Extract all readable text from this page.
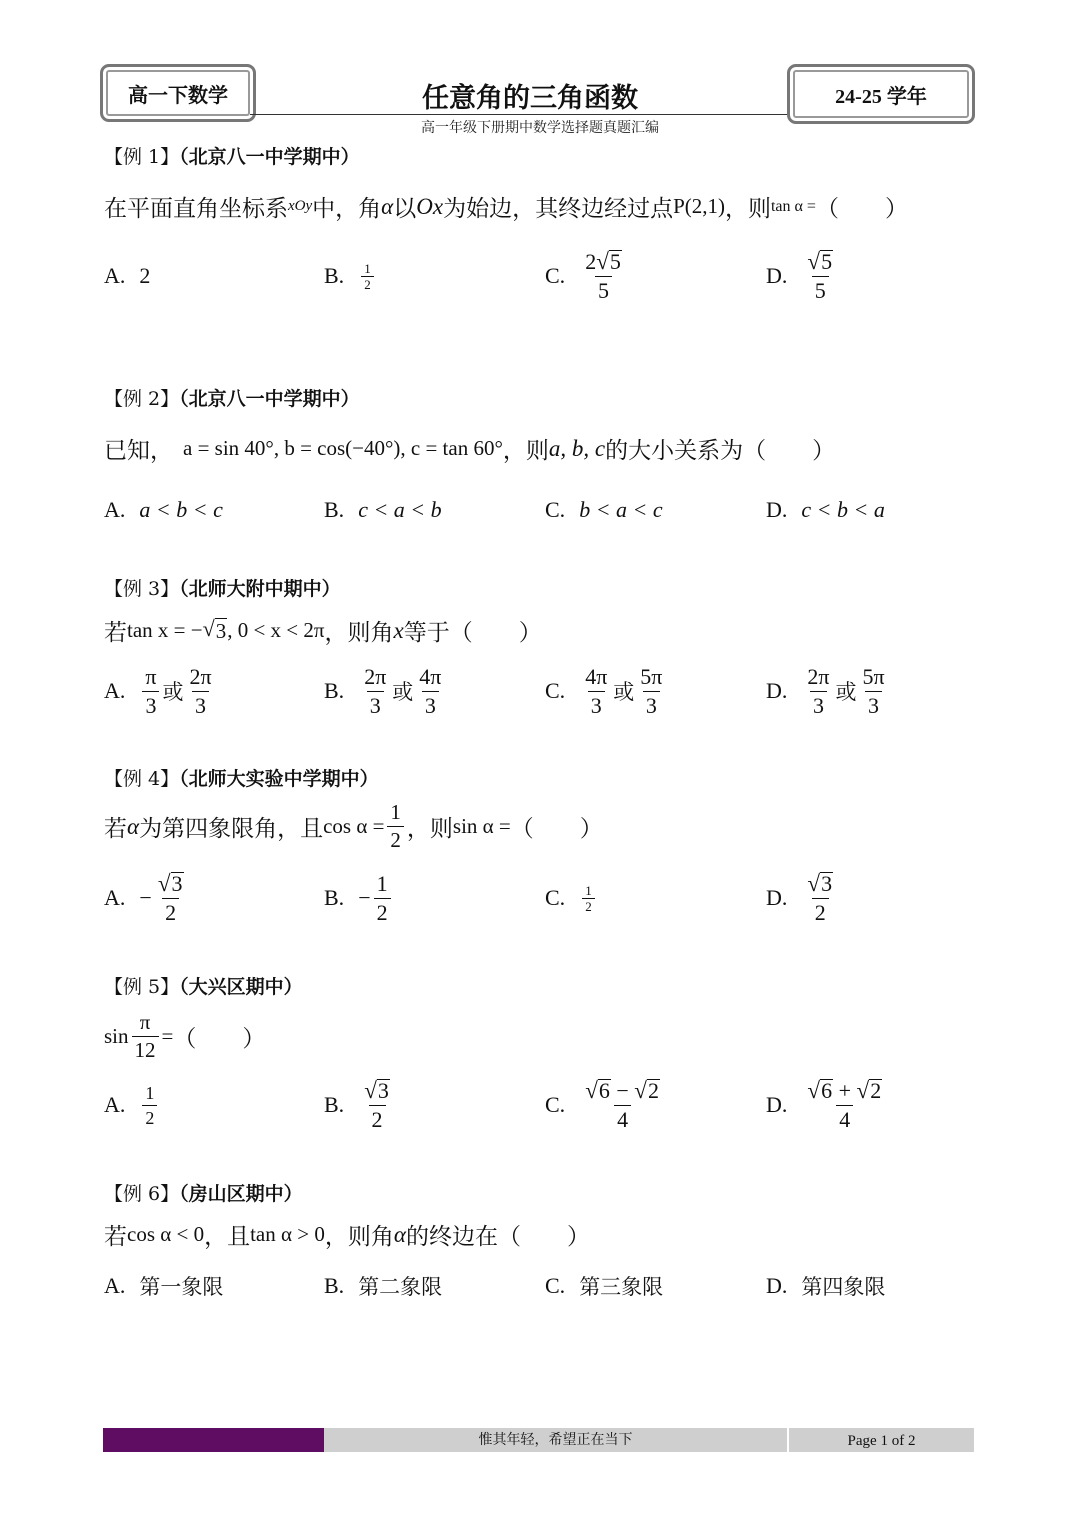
高一下数学	任意角的三角函数
高一年级下册期中数学选择题真题汇编
24-25 学年
【例 1】（北京八一中学期中）
在平面直角坐标系 xOy 中，角 α 以 Ox 为始边，其终边经过点 P(2,1) ，则 tan α = （　　）
A. 2	B. $\frac{1}{2}$	C. $\frac{2 √ 5}{5}$	D. $\frac{√ 5}{5}$
【例 2】（北京八一中学期中）
已知， a = sin 40°, b = cos(−40°), c = tan 60° ，则 a, b, c 的大小关系为（　　）
A. a < b < c	B. c < a < b	C. b < a < c	D. c < b < a
【例 3】（北师大附中期中）
若 tan x = − √ 3 , 0 < x < 2π ，则角 x 等于（　　）
A. $\frac{\pi}{3}$ 或 $\frac{2\pi}{3}$	B. $\frac{2\pi}{3}$ 或 $\frac{4\pi}{3}$	C. $\frac{4\pi}{3}$ 或 $\frac{5\pi}{3}$	D. $\frac{2\pi}{3}$ 或 $\frac{5\pi}{3}$
【例 4】（北师大实验中学期中）
若 α 为第四象限角，且 $\cos \alpha = \frac{1}{2}$ ，则 sin α = （　　）
A. − $\frac{√ 3}{2}$	B. − $\frac{1}{2}$	C. $\frac{1}{2}$	D. $\frac{√ 3}{2}$
【例 5】（大兴区期中）
$\sin \frac{\pi}{12}$ = （　　）
A. $\frac{1}{2}$	B. $\frac{√ 3}{2}$	C. $\frac{√ 6 - √ 2}{4}$	D. $\frac{√ 6 + √ 2}{4}$
【例 6】（房山区期中）
若 cos α < 0 ，且 tan α > 0 ，则角 α 的终边在（　　）
A. 第一象限	B. 第二象限	C. 第三象限	D. 第四象限
惟其年轻，希望正在当下	Page 1 of 2
